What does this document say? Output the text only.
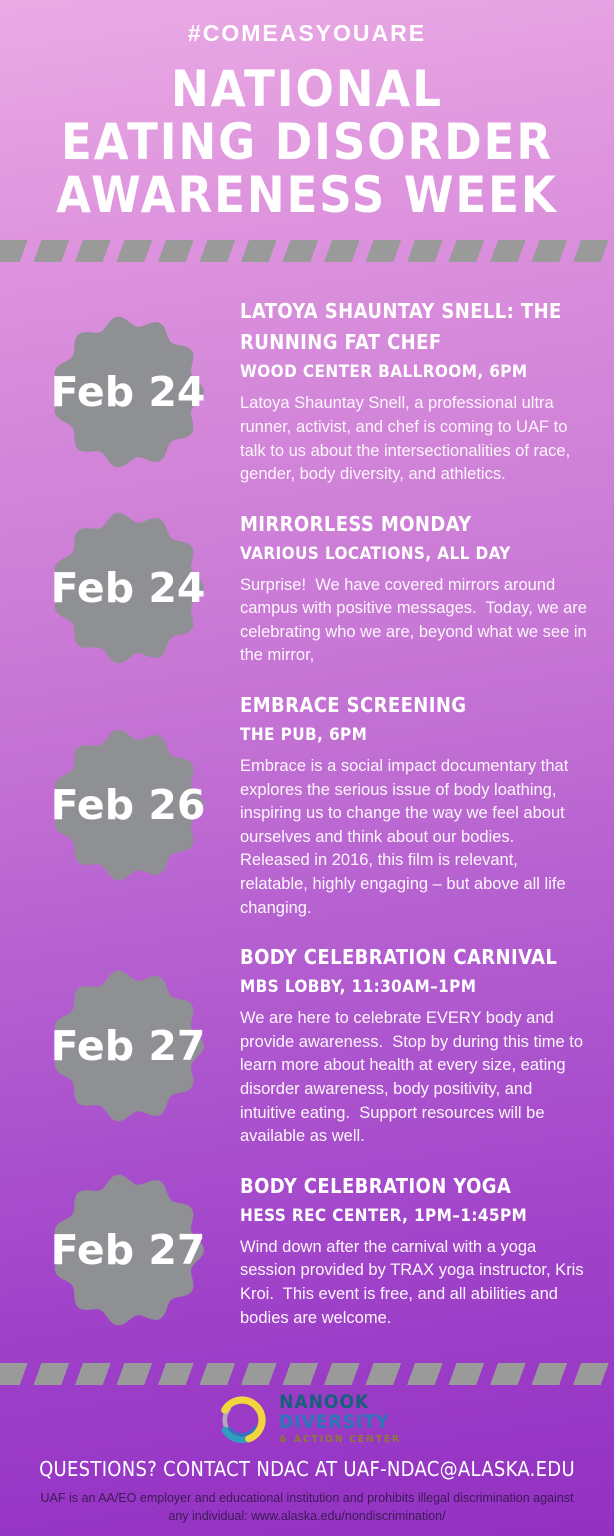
#COMEASYOUARE
NATIONAL
EATING DISORDER
AWARENESS WEEK
Feb 24
LATOYA SHAUNTAY SNELL: THE RUNNING FAT CHEF
WOOD CENTER BALLROOM, 6PM

Latoya Shauntay Snell, a professional ultra runner, activist, and chef is coming to UAF to talk to us about the intersectionalities of race, gender, body diversity, and athletics.

Feb 24
MIRRORLESS MONDAY
VARIOUS LOCATIONS, ALL DAY

Surprise!  We have covered mirrors around campus with positive messages.  Today, we are celebrating who we are, beyond what we see in the mirror,

Feb 26
EMBRACE SCREENING
THE PUB, 6PM

Embrace is a social impact documentary that explores the serious issue of body loathing, inspiring us to change the way we feel about ourselves and think about our bodies.  Released in 2016, this film is relevant, relatable, highly engaging – but above all life changing.

Feb 27
BODY CELEBRATION CARNIVAL
MBS LOBBY, 11:30AM–1PM

We are here to celebrate EVERY body and provide awareness.  Stop by during this time to learn more about health at every size, eating disorder awareness, body positivity, and intuitive eating.  Support resources will be available as well.

Feb 27
BODY CELEBRATION YOGA
HESS REC CENTER, 1PM–1:45PM

Wind down after the carnival with a yoga session provided by TRAX yoga instructor, Kris Kroi.  This event is free, and all abilities and bodies are welcome.

NANOOK
DIVERSITY
& ACTION CENTER
QUESTIONS? CONTACT NDAC AT UAF-NDAC@ALASKA.EDU
UAF is an AA/EO employer and educational institution and prohibits illegal discrimination against any individual: www.alaska.edu/nondiscrimination/
